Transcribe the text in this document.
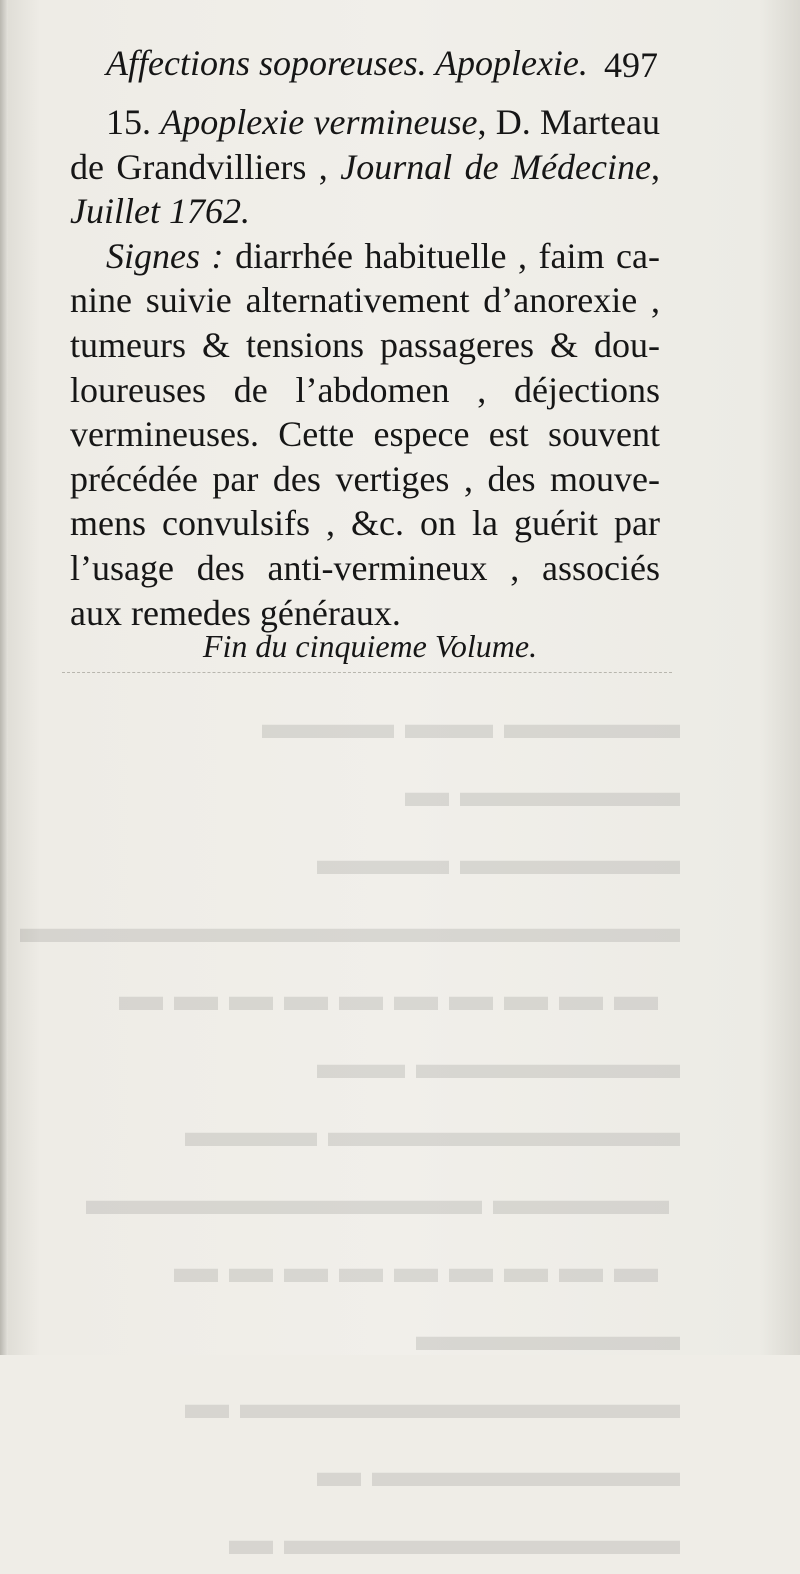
Affections soporeuses. Apoplexie. 497
15. Apoplexie vermineuse, D. Marteau
de Grandvilliers , Journal de Médecine,
Juillet 1762.
Signes : diarrhée habituelle , faim ca-
nine suivie alternativement d’anorexie ,
tumeurs & tensions passageres & dou-
loureuses de l’abdomen , déjections
vermineuses. Cette espece est souvent
précédée par des vertiges , des mouve-
mens convulsifs , &c. on la guérit par
l’usage des anti-vermineux , associés
aux remedes généraux.
Fin du cinquieme Volume.
▬▬▬▬ ▬▬ ▬▬▬ ▬▬▬▬▬ ▬
▬▬▬▬▬ ▬▬▬
▬▬▬▬▬▬▬▬▬▬▬▬▬▬▬
▬ ▬ ▬ ▬ ▬ ▬ ▬ ▬ ▬ ▬
▬▬▬▬▬▬ ▬▬ ▬▬▬▬▬▬▬▬ ▬▬▬
▬▬▬▬ ▬▬▬▬▬▬▬▬▬
▬ ▬ ▬ ▬ ▬ ▬ ▬ ▬ ▬
▬▬▬▬▬▬ ▬▬▬▬▬▬▬▬▬▬ ▬
▬▬▬▬▬▬▬ ▬ ▬▬▬▬▬▬▬▬▬ ▬
